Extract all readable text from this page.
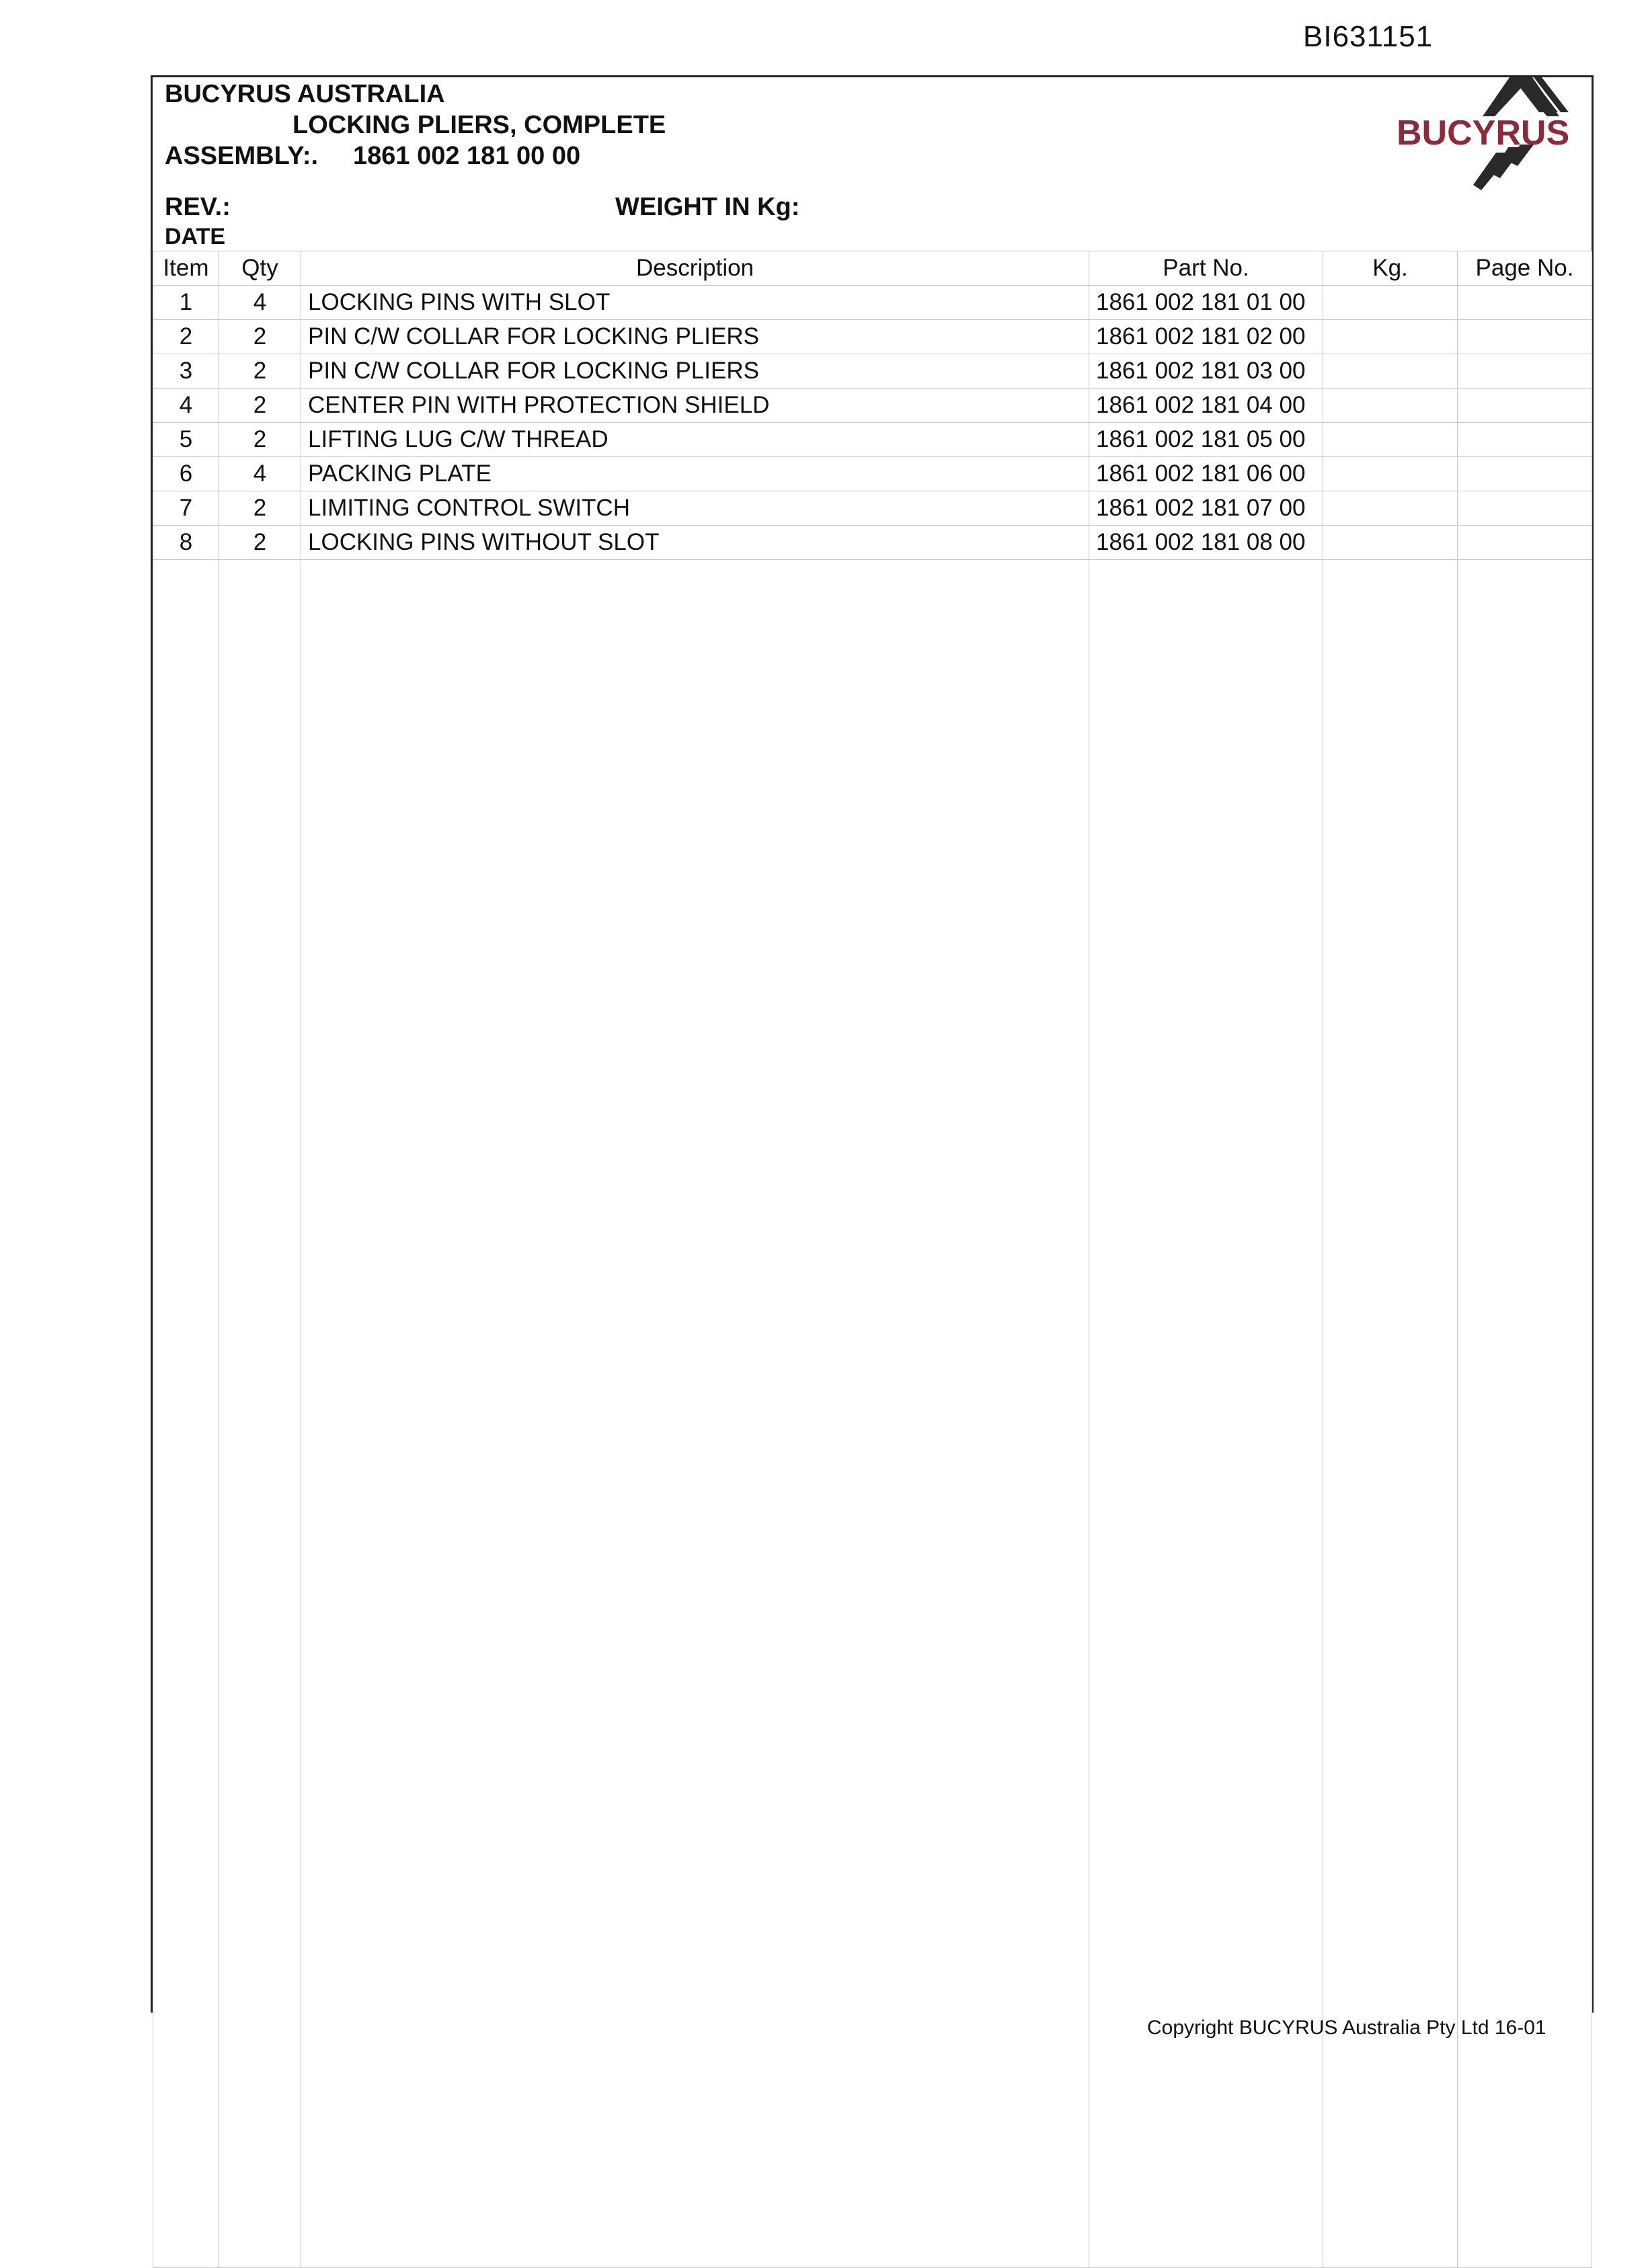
BI631151
BUCYRUS AUSTRALIA
LOCKING PLIERS, COMPLETE
ASSEMBLY:. 1861 002 181 00 00
REV.:	WEIGHT IN Kg:
DATE
BUCYRUS
Item	Qty	Description	Part No.	Kg.	Page No.
1	4	LOCKING PINS WITH SLOT	1861 002 181 01 00		
2	2	PIN C/W COLLAR FOR LOCKING PLIERS	1861 002 181 02 00		
3	2	PIN C/W COLLAR FOR LOCKING PLIERS	1861 002 181 03 00		
4	2	CENTER PIN WITH PROTECTION SHIELD	1861 002 181 04 00		
5	2	LIFTING LUG C/W THREAD	1861 002 181 05 00		
6	4	PACKING PLATE	1861 002 181 06 00		
7	2	LIMITING CONTROL SWITCH	1861 002 181 07 00		
8	2	LOCKING PINS WITHOUT SLOT	1861 002 181 08 00		

Copyright BUCYRUS Australia Pty Ltd 16-01
